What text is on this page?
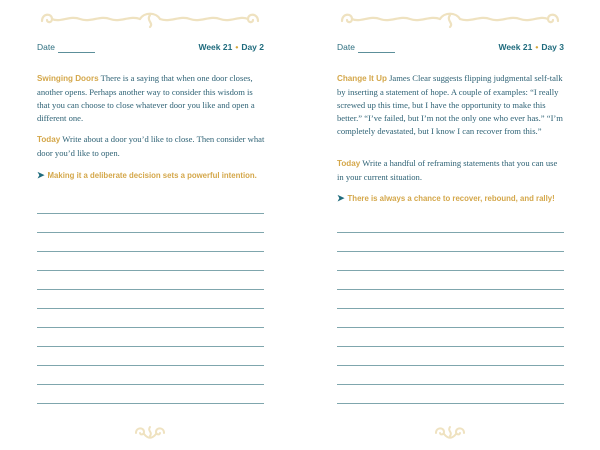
Date	Week 21 • Day 2
Swinging Doors There is a saying that when one door closes, another opens. Perhaps another way to consider this wisdom is that you can choose to close whatever door you like and open a different one.
Today Write about a door you’d like to close. Then consider what door you’d like to open.
➤ Making it a deliberate decision sets a powerful intention.
Date	Week 21 • Day 3
Change It Up James Clear suggests flipping judgmental self-talk by inserting a statement of hope. A couple of examples: “I really screwed up this time, but I have the opportunity to make this better.” “I’ve failed, but I’m not the only one who ever has.” “I’m completely devastated, but I know I can recover from this.”
Today Write a handful of reframing statements that you can use in your current situation.
➤ There is always a chance to recover, rebound, and rally!
